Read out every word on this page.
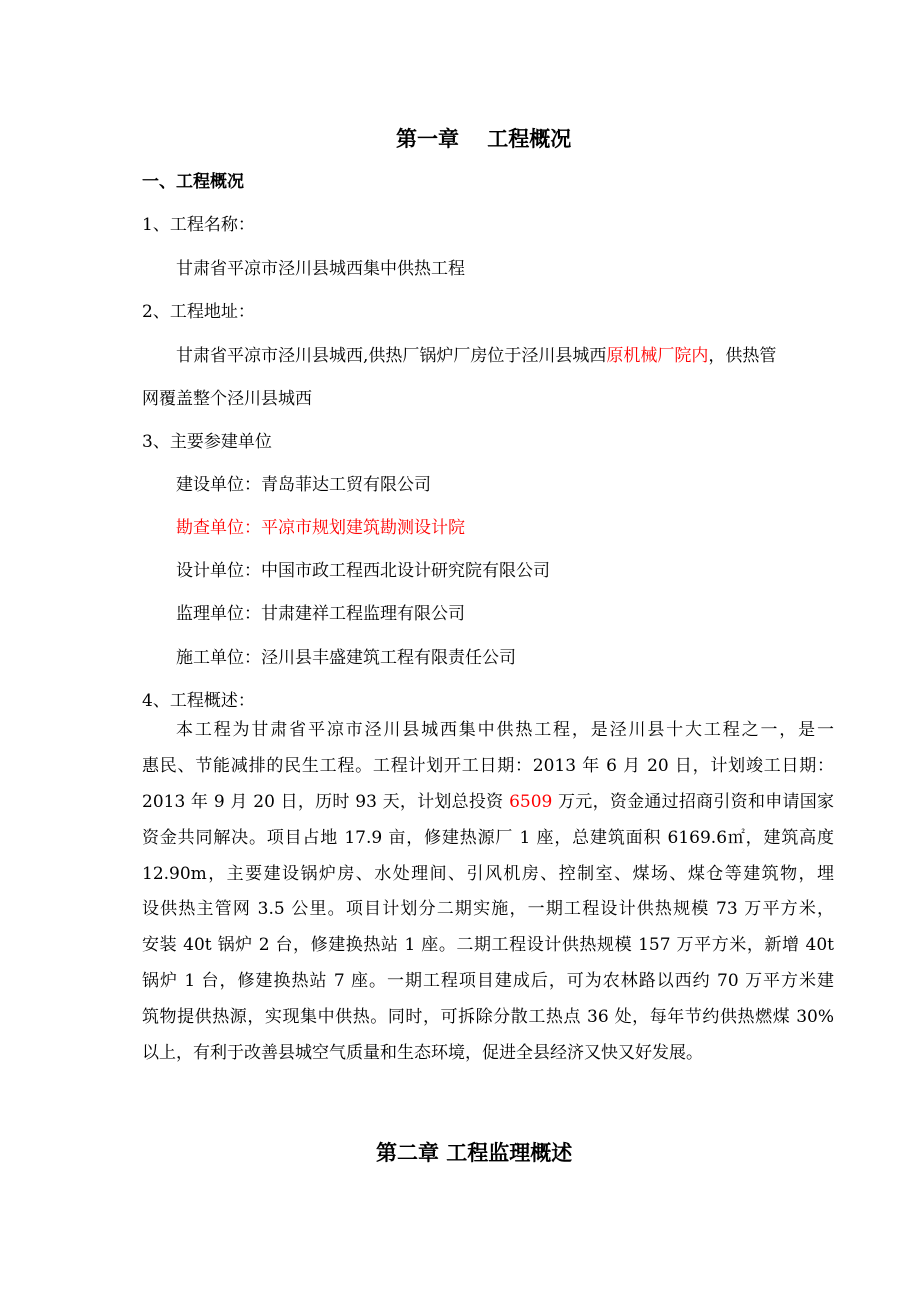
第一章　 工程概况
一、工程概况
1、工程名称：
甘肃省平凉市泾川县城西集中供热工程
2、工程地址：
甘肃省平凉市泾川县城西,供热厂锅炉厂房位于泾川县城西原机械厂院内，供热管
网覆盖整个泾川县城西
3、主要参建单位
建设单位：青岛菲达工贸有限公司
勘查单位：平凉市规划建筑勘测设计院
设计单位：中国市政工程西北设计研究院有限公司
监理单位：甘肃建祥工程监理有限公司
施工单位：泾川县丰盛建筑工程有限责任公司
4、工程概述：
本工程为甘肃省平凉市泾川县城西集中供热工程，是泾川县十大工程之一，是一
惠民、节能减排的民生工程。工程计划开工日期：2013 年 6 月 20 日，计划竣工日期：
2013 年 9 月 20 日，历时 93 天，计划总投资 6509 万元，资金通过招商引资和申请国家
资金共同解决。项目占地 17.9 亩，修建热源厂 1 座，总建筑面积 6169.6㎡，建筑高度
12.90m，主要建设锅炉房、水处理间、引风机房、控制室、煤场、煤仓等建筑物，埋
设供热主管网 3.5 公里。项目计划分二期实施，一期工程设计供热规模 73 万平方米，
安装 40t 锅炉 2 台，修建换热站 1 座。二期工程设计供热规模 157 万平方米，新增 40t
锅炉 1 台，修建换热站 7 座。一期工程项目建成后，可为农林路以西约 70 万平方米建
筑物提供热源，实现集中供热。同时，可拆除分散工热点 36 处，每年节约供热燃煤 30%
以上，有利于改善县城空气质量和生态环境，促进全县经济又快又好发展。
第二章 工程监理概述
